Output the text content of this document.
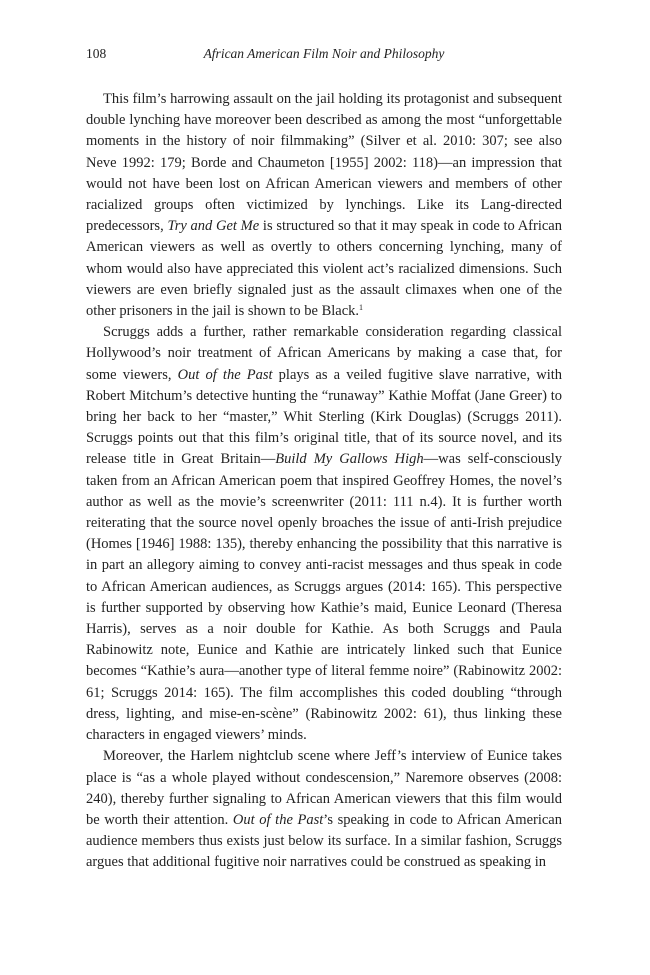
108	African American Film Noir and Philosophy

This film’s harrowing assault on the jail holding its protagonist and subsequent double lynching have moreover been described as among the most “unforgettable moments in the history of noir filmmaking” (Silver et al. 2010: 307; see also Neve 1992: 179; Borde and Chaumeton [1955] 2002: 118)—an impression that would not have been lost on African American viewers and members of other racialized groups often victimized by lynchings. Like its Lang-directed predecessors, Try and Get Me is structured so that it may speak in code to African American viewers as well as overtly to others concerning lynching, many of whom would also have appreciated this violent act’s racialized dimensions. Such viewers are even briefly signaled just as the assault climaxes when one of the other prisoners in the jail is shown to be Black.$^1$

Scruggs adds a further, rather remarkable consideration regarding classical Hollywood’s noir treatment of African Americans by making a case that, for some viewers, Out of the Past plays as a veiled fugitive slave narrative, with Robert Mitchum’s detective hunting the “runaway” Kathie Moffat (Jane Greer) to bring her back to her “master,” Whit Sterling (Kirk Douglas) (Scruggs 2011). Scruggs points out that this film’s original title, that of its source novel, and its release title in Great Britain—Build My Gallows High—was self-consciously taken from an African American poem that inspired Geoffrey Homes, the novel’s author as well as the movie’s screenwriter (2011: 111 n.4). It is further worth reiterating that the source novel openly broaches the issue of anti-Irish prejudice (Homes [1946] 1988: 135), thereby enhancing the possibility that this narrative is in part an allegory aiming to convey anti-racist messages and thus speak in code to African American audiences, as Scruggs argues (2014: 165). This perspective is further supported by observing how Kathie’s maid, Eunice Leonard (Theresa Harris), serves as a noir double for Kathie. As both Scruggs and Paula Rabinowitz note, Eunice and Kathie are intricately linked such that Eunice becomes “Kathie’s aura—another type of literal femme noire” (Rabinowitz 2002: 61; Scruggs 2014: 165). The film accomplishes this coded doubling “through dress, lighting, and mise-en-scène” (Rabinowitz 2002: 61), thus linking these characters in engaged viewers’ minds.

Moreover, the Harlem nightclub scene where Jeff’s interview of Eunice takes place is “as a whole played without condescension,” Naremore observes (2008: 240), thereby further signaling to African American viewers that this film would be worth their attention. Out of the Past’s speaking in code to African American audience members thus exists just below its surface. In a similar fashion, Scruggs argues that additional fugitive noir narratives could be construed as speaking in
